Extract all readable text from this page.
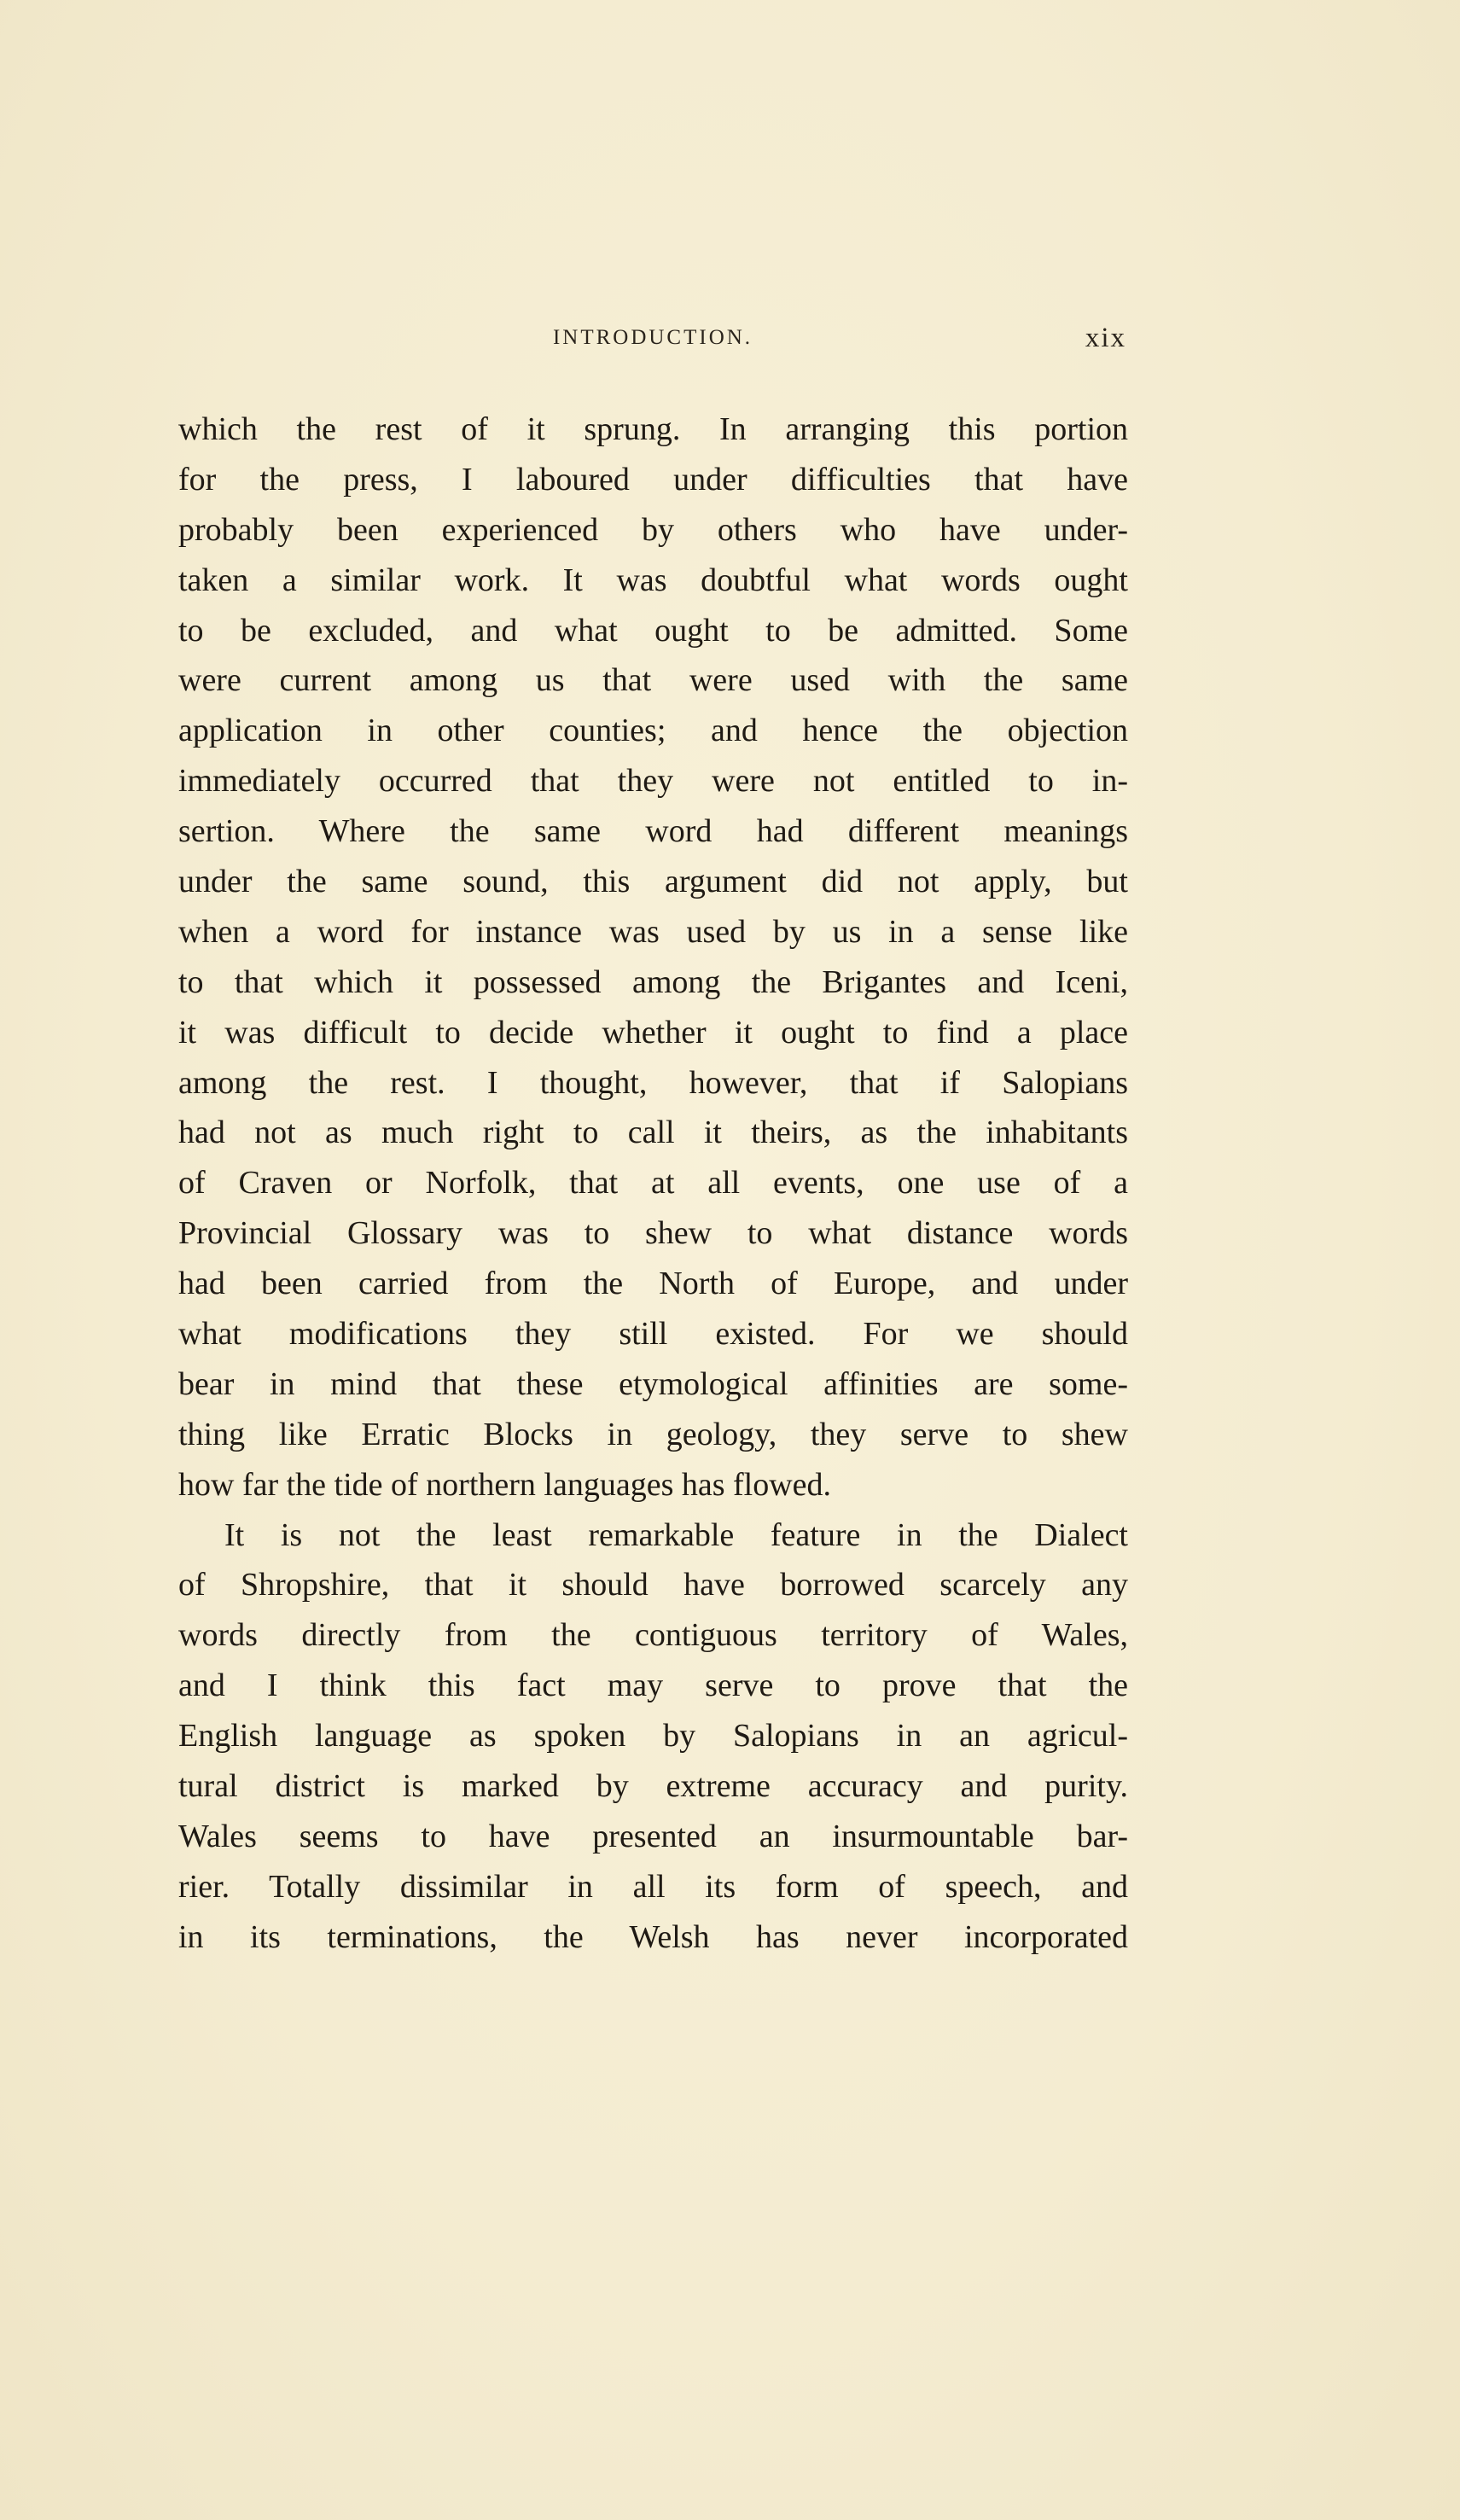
INTRODUCTION.	xix
which the rest of it sprung. In arranging this portion
for the press, I laboured under difficulties that have
probably been experienced by others who have under-
taken a similar work. It was doubtful what words ought
to be excluded, and what ought to be admitted. Some
were current among us that were used with the same
application in other counties; and hence the objection
immediately occurred that they were not entitled to in-
sertion. Where the same word had different meanings
under the same sound, this argument did not apply, but
when a word for instance was used by us in a sense like
to that which it possessed among the Brigantes and Iceni,
it was difficult to decide whether it ought to find a place
among the rest. I thought, however, that if Salopians
had not as much right to call it theirs, as the inhabitants
of Craven or Norfolk, that at all events, one use of a
Provincial Glossary was to shew to what distance words
had been carried from the North of Europe, and under
what modifications they still existed. For we should
bear in mind that these etymological affinities are some-
thing like Erratic Blocks in geology, they serve to shew
how far the tide of northern languages has flowed.
It is not the least remarkable feature in the Dialect
of Shropshire, that it should have borrowed scarcely any
words directly from the contiguous territory of Wales,
and I think this fact may serve to prove that the
English language as spoken by Salopians in an agricul-
tural district is marked by extreme accuracy and purity.
Wales seems to have presented an insurmountable bar-
rier. Totally dissimilar in all its form of speech, and
in its terminations, the Welsh has never incorporated
